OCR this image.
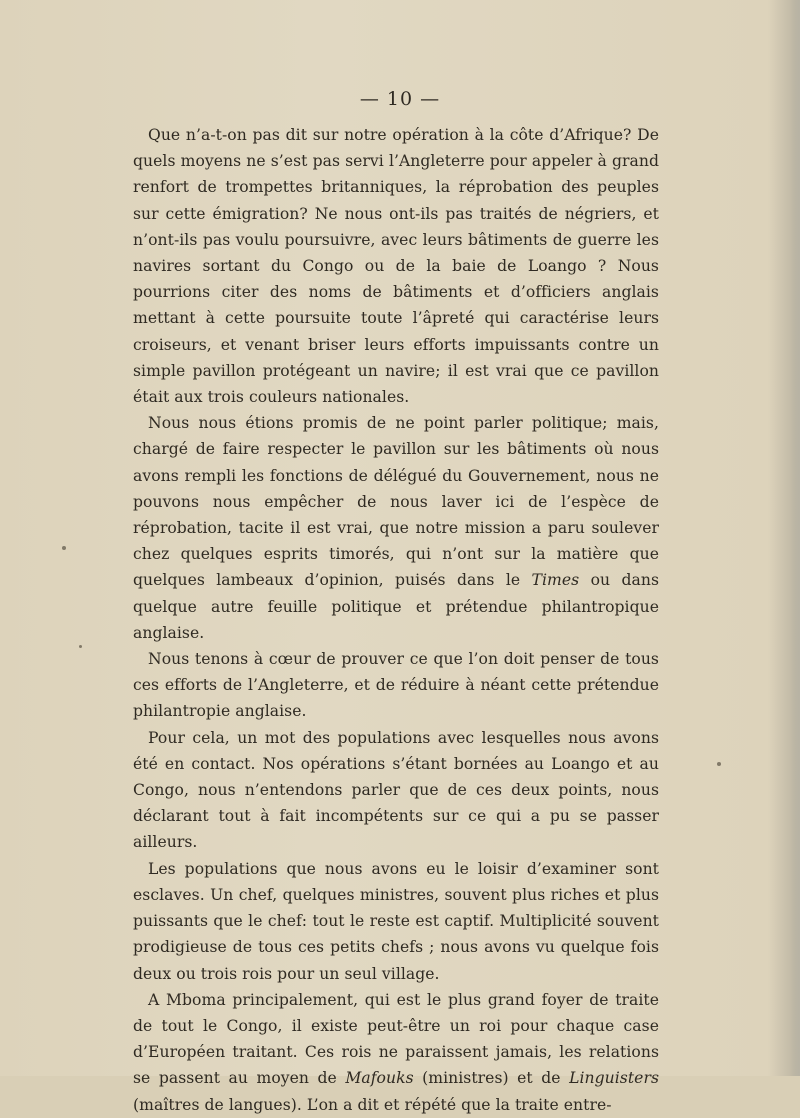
— 10 —

Que n’a-t-on pas dit sur notre opération à la côte d’Afrique? De quels moyens ne s’est pas servi l’Angleterre pour appeler à grand renfort de trompettes britanniques, la réprobation des peuples sur cette émigration? Ne nous ont-ils pas traités de négriers, et n’ont-ils pas voulu poursuivre, avec leurs bâtiments de guerre les navires sortant du Congo ou de la baie de Loango ? Nous pourrions citer des noms de bâtiments et d’officiers anglais mettant à cette poursuite toute l’âpreté qui caractérise leurs croiseurs, et venant briser leurs efforts impuissants contre un simple pavillon protégeant un navire; il est vrai que ce pavillon était aux trois couleurs nationales.

Nous nous étions promis de ne point parler politique; mais, chargé de faire respecter le pavillon sur les bâtiments où nous avons rempli les fonctions de délégué du Gouvernement, nous ne pouvons nous empêcher de nous laver ici de l’espèce de réprobation, tacite il est vrai, que notre mission a paru soulever chez quelques esprits timorés, qui n’ont sur la matière que quelques lambeaux d’opinion, puisés dans le Times ou dans quelque autre feuille politique et prétendue philantropique anglaise.

Nous tenons à cœur de prouver ce que l’on doit penser de tous ces efforts de l’Angleterre, et de réduire à néant cette prétendue philantropie anglaise.

Pour cela, un mot des populations avec lesquelles nous avons été en contact. Nos opérations s’étant bornées au Loango et au Congo, nous n’entendons parler que de ces deux points, nous déclarant tout à fait incompétents sur ce qui a pu se passer ailleurs.

Les populations que nous avons eu le loisir d’examiner sont esclaves. Un chef, quelques ministres, souvent plus riches et plus puissants que le chef: tout le reste est captif. Multiplicité souvent prodigieuse de tous ces petits chefs ; nous avons vu quelque fois deux ou trois rois pour un seul village.

A Mboma principalement, qui est le plus grand foyer de traite de tout le Congo, il existe peut-être un roi pour chaque case d’Européen traitant. Ces rois ne paraissent jamais, les relations se passent au moyen de Mafouks (ministres) et de Linguisters (maîtres de langues). L’on a dit et répété que la traite entre-
